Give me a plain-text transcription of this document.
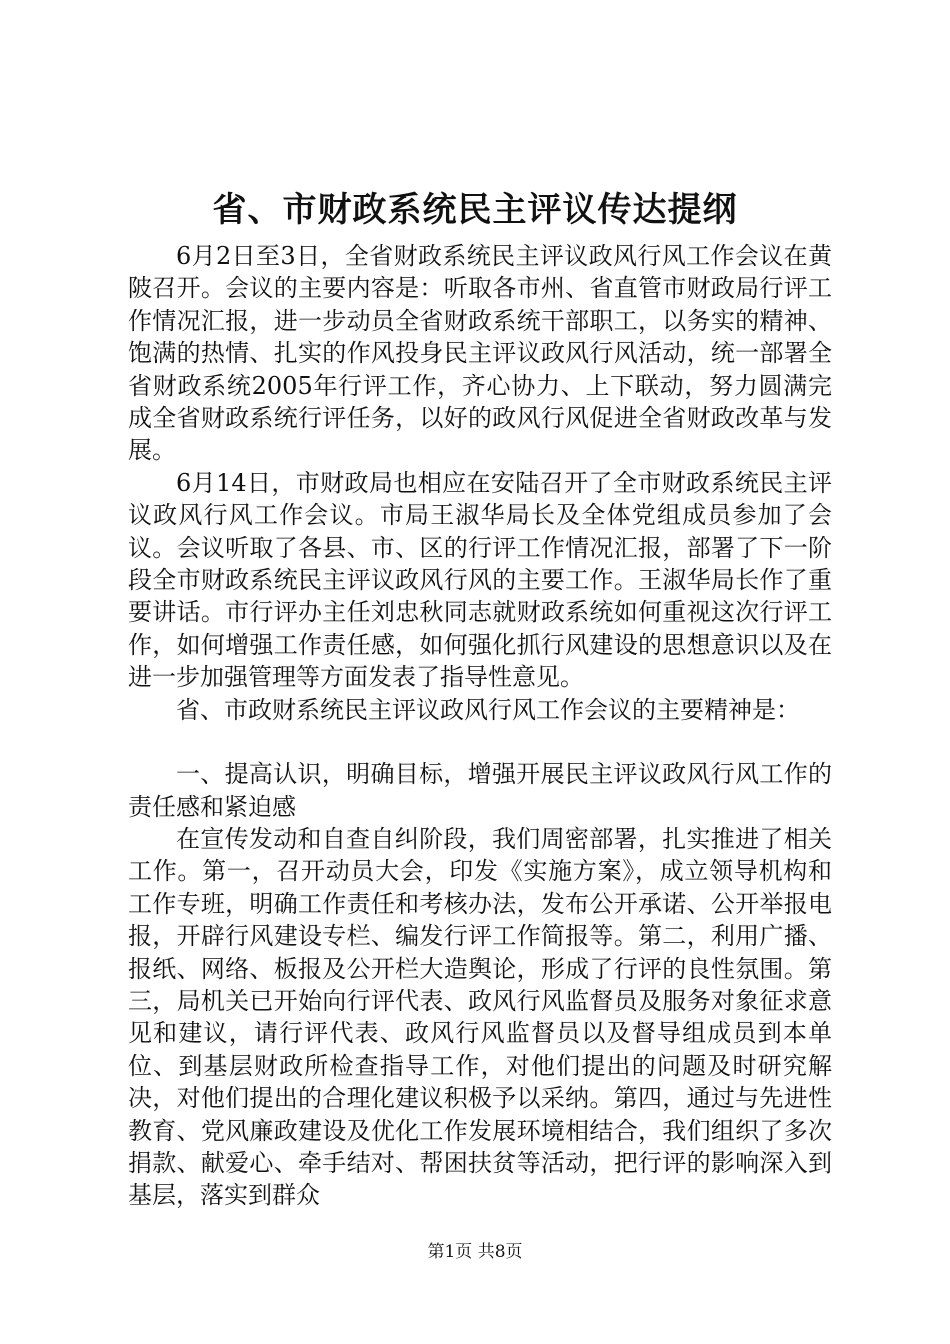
省、市财政系统民主评议传达提纲

6月2日至3日，全省财政系统民主评议政风行风工作会议在黄陂召开。会议的主要内容是：听取各市州、省直管市财政局行评工作情况汇报，进一步动员全省财政系统干部职工，以务实的精神、饱满的热情、扎实的作风投身民主评议政风行风活动，统一部署全省财政系统2005年行评工作，齐心协力、上下联动，努力圆满完成全省财政系统行评任务，以好的政风行风促进全省财政改革与发展。

6月14日，市财政局也相应在安陆召开了全市财政系统民主评议政风行风工作会议。市局王淑华局长及全体党组成员参加了会议。会议听取了各县、市、区的行评工作情况汇报，部署了下一阶段全市财政系统民主评议政风行风的主要工作。王淑华局长作了重要讲话。市行评办主任刘忠秋同志就财政系统如何重视这次行评工作，如何增强工作责任感，如何强化抓行风建设的思想意识以及在进一步加强管理等方面发表了指导性意见。

省、市政财系统民主评议政风行风工作会议的主要精神是：

一、提高认识，明确目标，增强开展民主评议政风行风工作的责任感和紧迫感

在宣传发动和自查自纠阶段，我们周密部署，扎实推进了相关工作。第一，召开动员大会，印发《实施方案》，成立领导机构和工作专班，明确工作责任和考核办法，发布公开承诺、公开举报电报，开辟行风建设专栏、编发行评工作简报等。第二，利用广播、报纸、网络、板报及公开栏大造舆论，形成了行评的良性氛围。第三，局机关已开始向行评代表、政风行风监督员及服务对象征求意见和建议，请行评代表、政风行风监督员以及督导组成员到本单位、到基层财政所检查指导工作，对他们提出的问题及时研究解决，对他们提出的合理化建议积极予以采纳。第四，通过与先进性教育、党风廉政建设及优化工作发展环境相结合，我们组织了多次捐款、献爱心、牵手结对、帮困扶贫等活动，把行评的影响深入到基层，落实到群众

第1页 共8页
